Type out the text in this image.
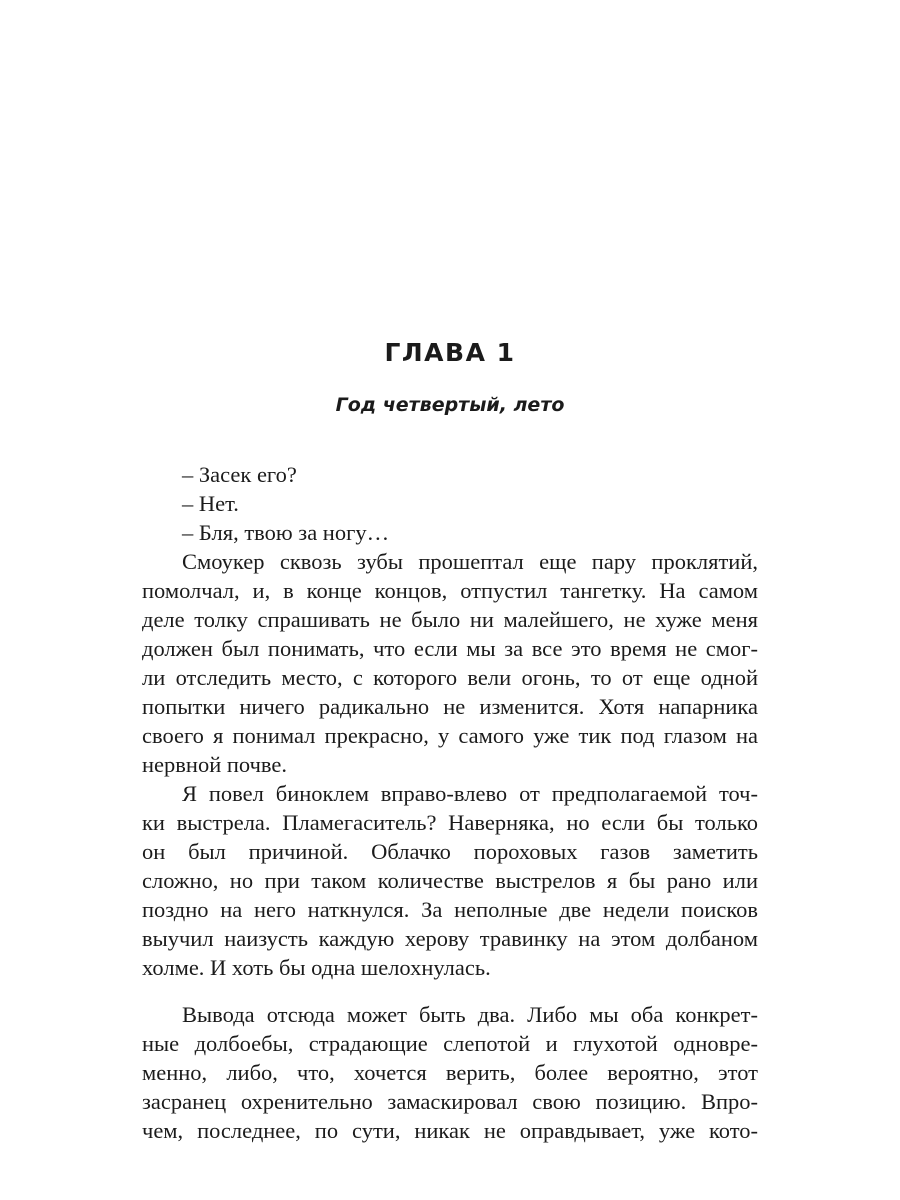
ГЛАВА 1
Год четвертый, лето

– Засек его?

– Нет.

– Бля, твою за ногу…

Смоукер сквозь зубы прошептал еще пару проклятий,

помолчал, и, в конце концов, отпустил тангетку. На самом

деле толку спрашивать не было ни малейшего, не хуже меня

должен был понимать, что если мы за все это время не смог-

ли отследить место, с которого вели огонь, то от еще одной

попытки ничего радикально не изменится. Хотя напарника

своего я понимал прекрасно, у самого уже тик под глазом на

нервной почве.

Я повел биноклем вправо-влево от предполагаемой точ-

ки выстрела. Пламегаситель? Наверняка, но если бы только

он был причиной. Облачко пороховых газов заметить

сложно, но при таком количестве выстрелов я бы рано или

поздно на него наткнулся. За неполные две недели поисков

выучил наизусть каждую херову травинку на этом долбаном

холме. И хоть бы одна шелохнулась.

Вывода отсюда может быть два. Либо мы оба конкрет-

ные долбоебы, страдающие слепотой и глухотой одновре-

менно, либо, что, хочется верить, более вероятно, этот

засранец охренительно замаскировал свою позицию. Впро-

чем, последнее, по сути, никак не оправдывает, уже кото-
